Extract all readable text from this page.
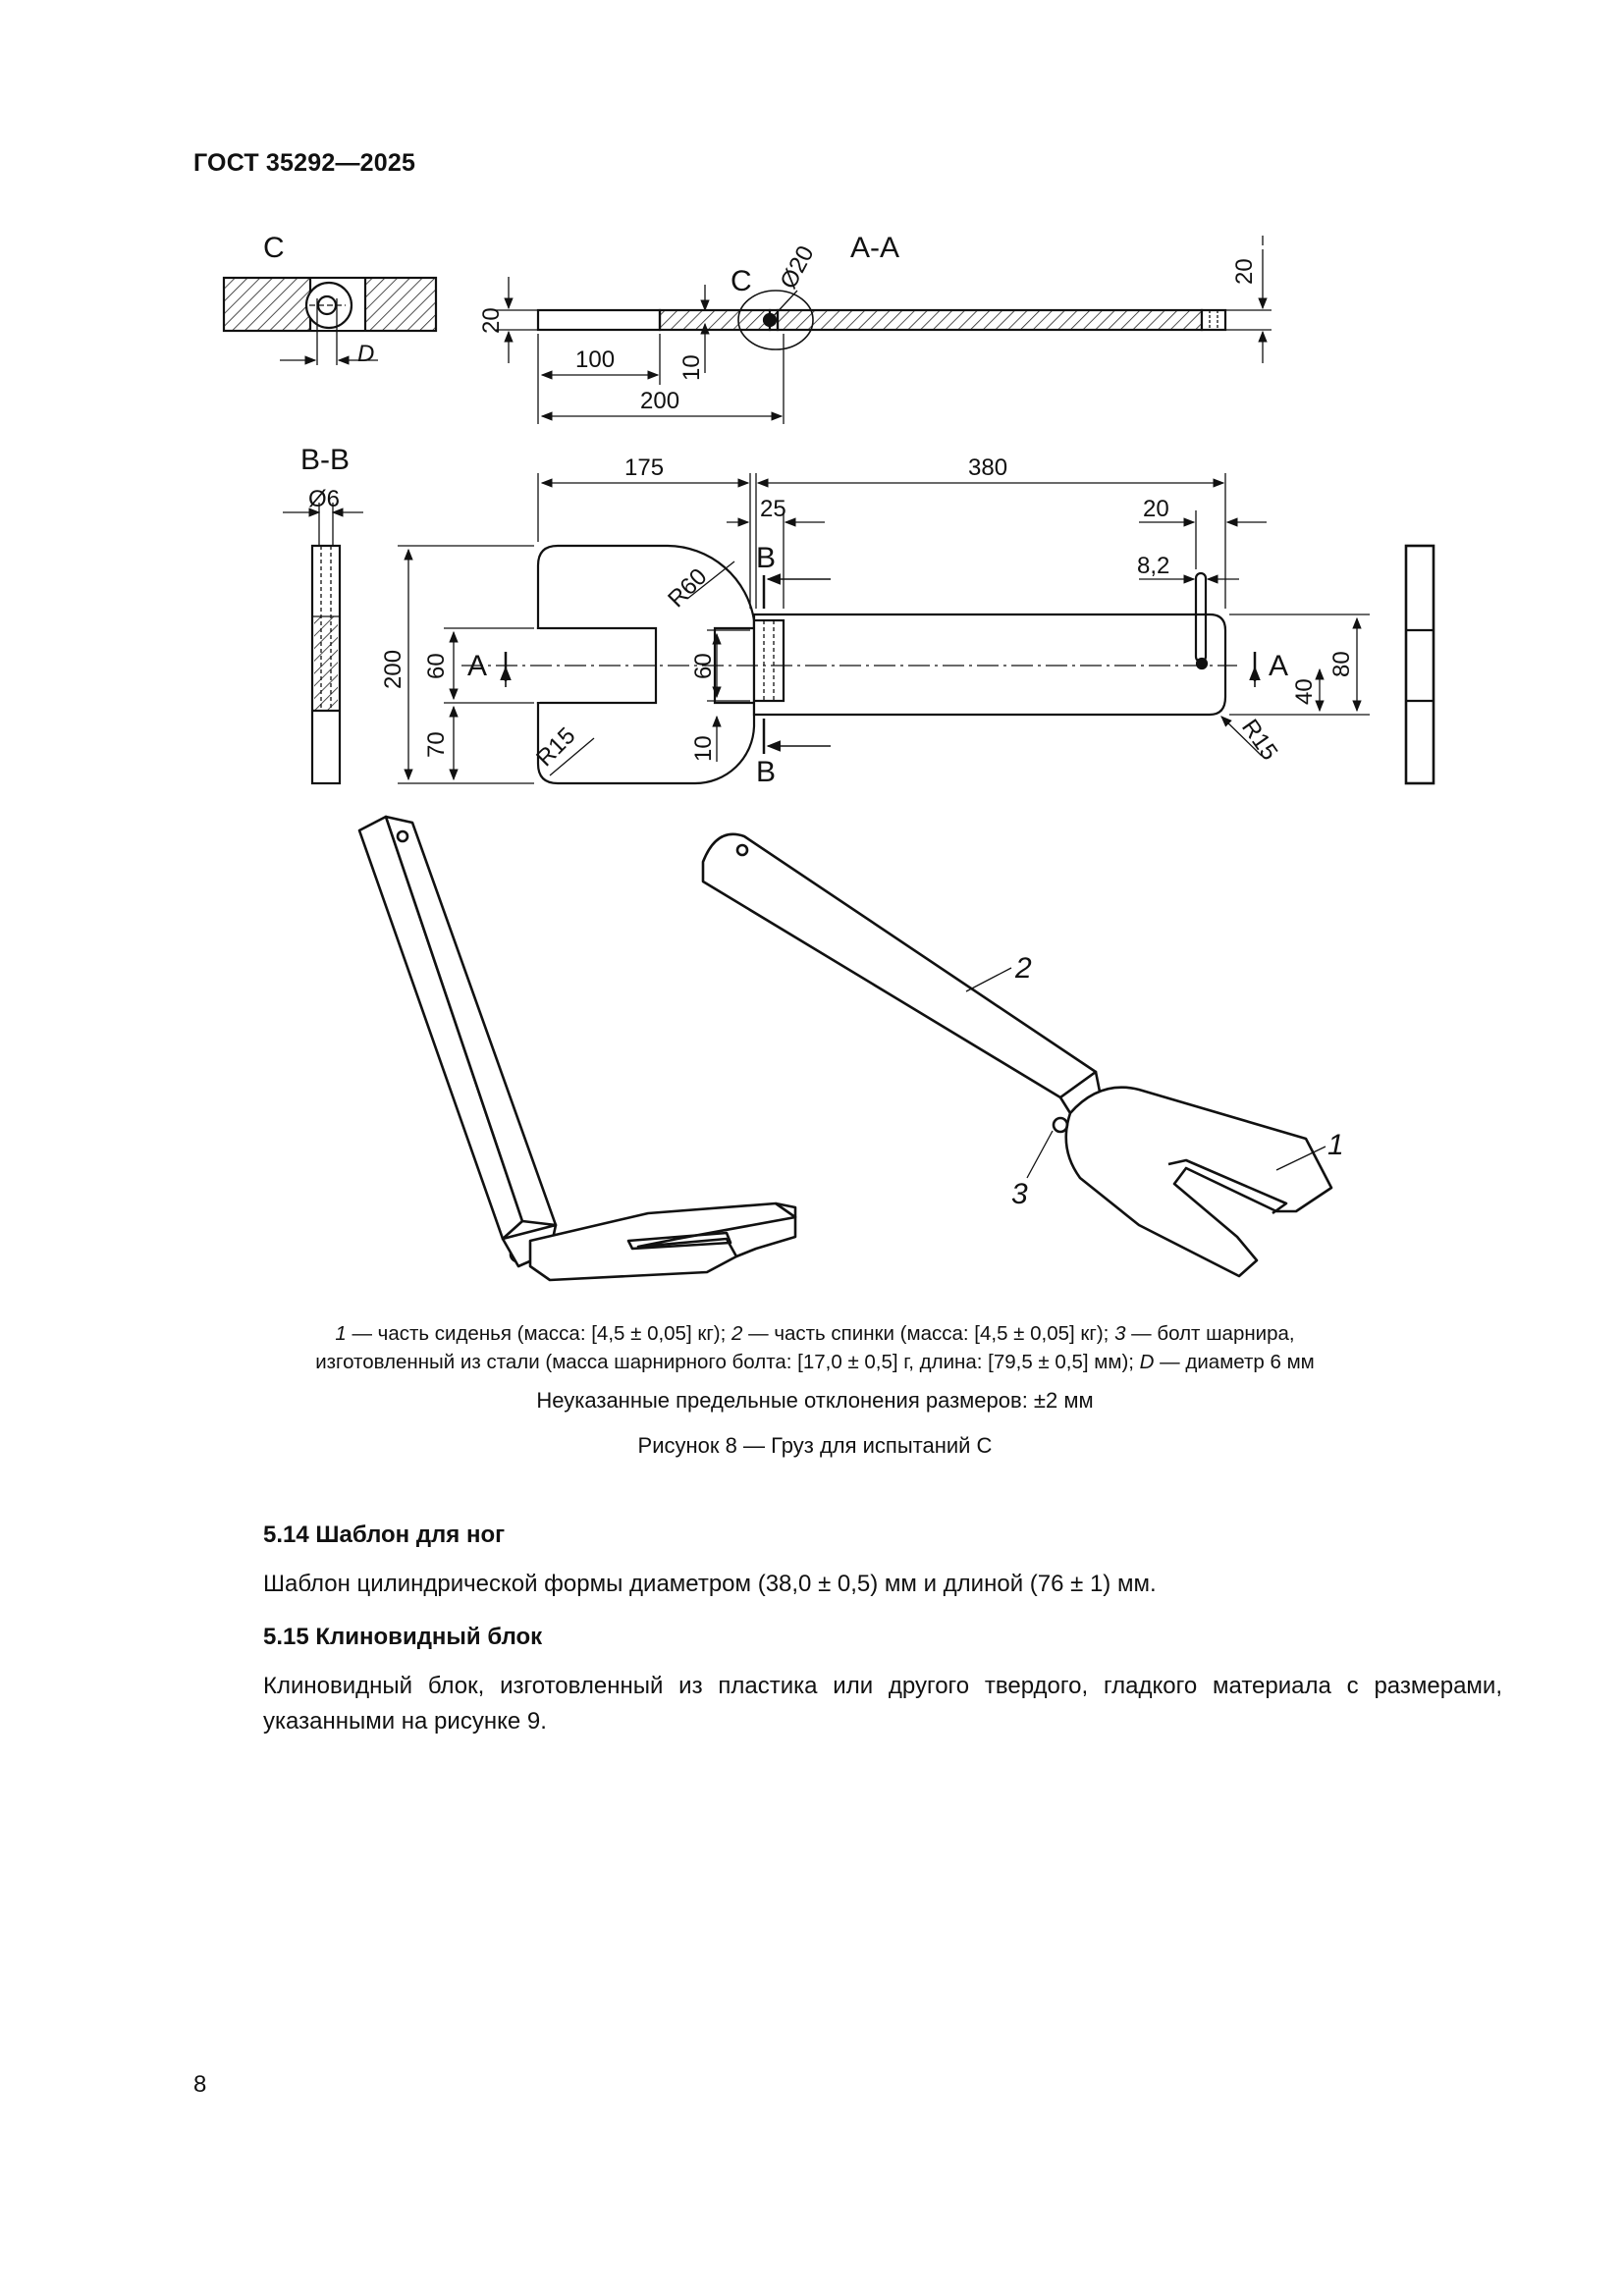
ГОСТ 35292—2025
C
D
A-A
C Ø20
20
20
100	10
200
B-B
Ø6
175	380
25	20
8,2
200 60	60
70	10
40
80
R60
R15	R15
A	A
B
B
1
2
3
1 — часть сиденья (масса: [4,5 ± 0,05] кг); 2 — часть спинки (масса: [4,5 ± 0,05] кг); 3 — болт шарнира,
изготовленный из стали (масса шарнирного болта: [17,0 ± 0,5] г, длина: [79,5 ± 0,5] мм); D — диаметр 6 мм
Неуказанные предельные отклонения размеров: ±2 мм
Рисунок 8 — Груз для испытаний С
5.14 Шаблон для ног
Шаблон цилиндрической формы диаметром (38,0 ± 0,5) мм и длиной (76 ± 1) мм.
5.15 Клиновидный блок
Клиновидный блок, изготовленный из пластика или другого твердого, гладкого материала с размерами, указанными на рисунке 9.
8
